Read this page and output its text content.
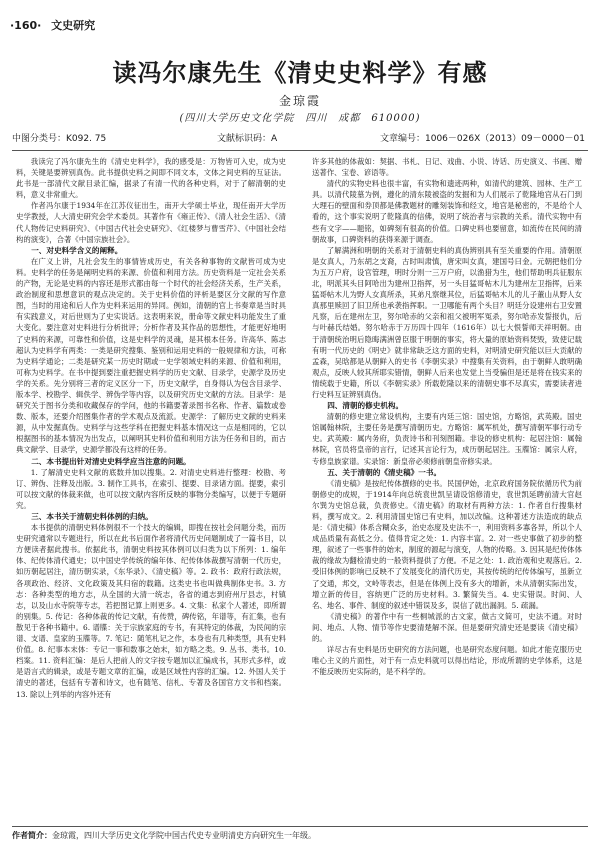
·160· 文史研究
读冯尔康先生《清史史料学》有感
金琼霞
(四川大学历史文化学院　四川　成都　610000)
中图分类号：K092. 75	文献标识码：A	文章编号：1006－026X（2013）09－0000－01

我读完了冯尔康先生的《清史史料学》，我的感受是：万物皆可入史，成为史料，关键是要辨别真伪。此书提供史料之间即不同文本，文体之间史料的互证法。此书是一部清代文献目录汇编，据录了有清一代的各种史料，对于了解清朝的史料，意义非常重大。

作者冯尔康于1934年在江苏仪征出生，南开大学硕士毕业，现任南开大学历史学教授，人大清史研究会学术委员。其著作有《雍正传》、《清人社会生活》、《清代人物传记史料研究》、《中国古代社会史研究》、《红楼梦与曹雪芹》、《中国社会结构的演变》，合著《中国宗族社会》。

一、对史料学含义的阐释。

在广义上讲，凡社会发生的事情皆成历史，有关各种事物的文献皆可成为史料。史料学的任务是阐明史料的来源、价值和利用方法。历史资料是一定社会关系的产物，无论是史料的内容还是形式都由每一个时代的社会经济关系，生产关系，政治制度和思想意识的观点决定的。关于史料价值的评析是要区分文献的写作意图，当时的用途和后人作为史料来运用的异同。例如，清朝的官上书奏章是当时具有实践意义，对后世则为了史实说话。这表明来说，册命等文献史料功能发生了重大变化。要注意对史料进行分析批评；分析作者及其作品的思想性，才能更好地明了史料的来源，可靠性和价值，这是史料学的灵魂，是其根本任务。许高华、陈志超认为史料学有两类：一类是研究搜集、鉴别和运用史料的一般规律和方法，可称为史料学通论；二类是研究某一历史时期或一史学领域史料的来源、价值和利用，可称为史料学。在书中提到要注重把握史料学的历史文献、目录学，史源学及历史学的关系。先分别将三者的定义区分一下，历史文献学，自身得认为包含目录学、版本学、校勘学、辑佚学、辨伪学等内容，以及研究历史文献的方法。目录学：是研究关于图书分类和收藏保存的学问，他的书籍要著录图书名称、作者、篇数或卷数、版本，还要介绍图集作者的学术观点及流派。史源学：了解历史文献的史料来源，从中发掘真伪。史料学与这些学科在把握史料基本情况这一点是相同的，它以根据图书的基本情况为出发点，以阐明其史料价值和利用方法为任务和目的，而古典文献学、目录学，史源学都没有这样的任务。

二、本书提出针对清史史料学应当注意的问题。

1. 了解清史史料文献的底数并加以搜集。2. 对清史史料进行整理：校勘、考订、辨伪、注释及出版。3. 制作工具书，在索引、提要、目录诸方面。提要，索引可以按文献的体裁来做，也可以按文献内容所反映的事物分类编写，以便于专题研究。

三、本书关于清朝史料体例的归纳。

本书提供的清朝史料体例很不一个技大的编辑，即搜在按社会问题分类，而历史研究通常以专题进行，所以在此书后面作者将清代历史问题制成了一篇书目，以方便读者据此搜书。依据此书，清朝史料按其体例可以归类为以下所列：1. 编年体、纪传体清代通史；以中国史学传统的编年体、纪传体体裁撰写清朝一代历史，如历朝起居注，清历朝实录，《东华录》、《清史稿》等。2. 政书：政府行政法规，各项政治、经济、文化政策及其归宿的载籍。这类史书也叫做典制体史书。3. 方志：各种类型的地方志，从全国的大清一统志，各省的通志到府州厅县志，村镇志，以及山水寺院等专志，若把图记算上则更多。4. 文集：私家个人著述，即所谓的别集。5. 传记：各种体裁的传记文献，有传赞，碑传铭，年谱等，有汇集，也有散见于各种书籍中。6. 谱牒：关于宗族家庭的专书，有其特定的体裁，为民间的宗谱、支谱、皇家的玉牒等。7. 笔记：随笔札记之作，本身也有几种类型，具有史料价值。8. 纪事本末体：专记一事和数事之始末，如方略之类。9. 丛书、类书。10. 档案。11. 资料汇编：是后人把前人的文字按专题加以汇编成书，其形式多样，或是语言式的辑录，或是专题文章的汇编，或是区域性内容的汇编。12. 外国人关于清史的著述，包括有专著和诗文，也有随笔、信札、专著及各国官方文书和档案。13. 除以上列举的内容外还有

许多其他的体裁如：契据、书札、日记、戏曲、小说、诗话、历史演义、书画、赠送著作、宝卷、谚语等。

清代的实物史料也很丰富，有实物和遗迹两种，如清代的建筑、园林、生产工具。以清代陵墓为例，遵化的清东陵被盗的发掘和为人们展示了乾隆地宫从石门到大理石的壁面和券顶都是佛教题材的雕刻装饰和经文，地宫是秘密的，不是给个人看的，这个事实说明了乾隆真的信佛，说明了统治者与宗教的关系。清代实物中有些有文字——题铭，如碑刻有很高的价值。口碑史料也要留意，如流传在民间的清朝故事，口碑资料的获得来源于调查。

了解满洲和明朝的关系对于清朝史料的真伪辨别具有至关重要的作用。清朝原是女真人，乃东胡之支裔，古时叫肃慎，唐宋叫女真，建国号曰金。元朝把他们分为五万户府，设官管理，明时分则一三万户府，以渔猎为生，他们帮助明兵征服东北，明派其头目阿哈出为建州卫指挥，另一头目猛哥帖木儿为建州左卫指挥，后来猛哥帖木儿为野人女真所杀，其弟凡察继其位，后猛哥帖木儿的儿子董山从野人女真那里赎回了旧卫所也承袭指挥职。一卫哪能有两个头目？明廷分设建州右卫安置凡察，后在建州左卫，努尔哈赤的父亲和祖父被明军冤杀，努尔哈赤发誓报仇，后与叶赫氏结婚。努尔哈赤于万历四十四年（1616年）以七大恨誓师天祥明朝。由于清朝统治明后隐晦满洲曾臣服于明朝的事实，将大量的原始资料焚毁，致使记载有明一代历史的《明史》就非常缺乏这方面的史料，对明清史研究能以巨大贡献的孟森，吴晗都是从朝鲜入的史书《李朝实录》中搜集有关资料，由于朝鲜人敢明确观点，反映人较其所耶实错情，朝鲜人后来也发觉上当受骗但是还是将在钱实来的情统载于史籍，所以《李朝实录》所载乾隆以来的清朝史事不尽真实，需要读者进行史料互证辨别真伪。

四、清朝的修史机构。

清朝的修史建立常设机构，主要有内廷三馆：国史馆，方略馆，武英殿。国史馆属翰林院，主要任务是撰写清朝历史。方略馆：属军机处，撰写清朝军事行动专史。武英殿：属内务府，负责诗书和刊刻图籍。非设的修史机构：起居注馆：属翰林院，官员将皇帝的言行，记述其言论行为，成历朝起居注。玉牒馆：属宗人府，专修皇族家谱。实录馆：新皇帝必须修前朝皇帝修实录。

五、关于清朝的《清史稿》一书。

《清史稿》是按纪传体撰修的史书。民国伊始，北京政府国务院依循历代为前朝修史的成规，于1914年向总统袁世凯呈请设馆修清史，袁世凯延聘前清大官赵尔巽为史馆总裁，负责修史。《清史稿》的取材有两种方法：1. 作者自行搜集材料，撰写成文。2. 利用清国史馆已有史料，加以改编。这种著述方法造成的缺点是：《清史稿》体系含糊众多，治史态度及史法不一，利用资料多寡各异，所以个人成品质量有高低之分。值得肯定之处：1. 内容丰富。2. 对一些史事做了初步的整理，叙述了一些事件的始末，制度的源起与演变，人物的传略。3. 因其是纪传体体裁的缘故为翻检清史的一般资料提供了方便。不足之处：1. 政治观和史观落后。2. 受旧体例的影响已反映不了发展变化的清代历史，其按传统的纪传体编写，虽新立了交通，邦交，文岭等表志，但是在体例上没有多大的增新，未从清朝实际出发，增立新的传目，容纳更广泛的历史材料。3. 繁简失当。4. 史实错误。时间、人名、地名、事件、制度的叙述中错误及多，误信了就出漏洞。5. 疏漏。

《清史稿》的著作中有一些桐城派的古文家，做古文简可，史法不通。对时间、地点、人物、情节等作史要清楚解不深。但是要研究清史还是要读《清史稿》的。

详尽古有史料是历史研究的方法问题，也是研究态度问题。如此才能克服历史唯心主义的片面性，对于有一点史料就可以得出结论，形成所谓的史学体系，这是不能反映历史实际的，是不科学的。

作者简介：金琼霞，四川大学历史文化学院中国古代史专业明清史方向研究生一年级。
